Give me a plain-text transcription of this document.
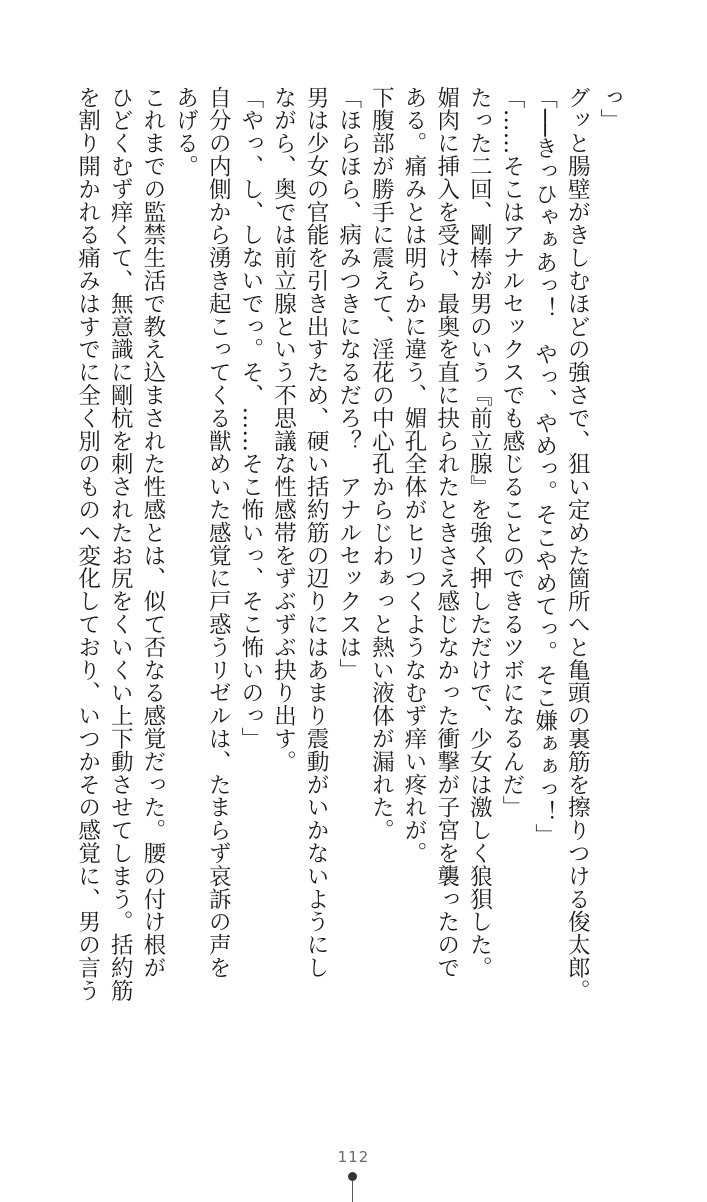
っ」
グッと腸壁がきしむほどの強さで、狙い定めた箇所へと亀頭の裏筋を擦りつける俊太郎。
「──きっひゃぁあっ！　やっ、やめっ。そこやめてっ。そこ嫌ぁぁっ！」
「……そこはアナルセックスでも感じることのできるツボになるんだ」
たった二回、剛棒が男のいう『前立腺』を強く押しただけで、少女は激しく狼狽した。
媚肉に挿入を受け、最奥を直に抉られたときさえ感じなかった衝撃が子宮を襲ったので
ある。痛みとは明らかに違う、媚孔全体がヒリつくようなむず痒い疼れが。
下腹部が勝手に震えて、淫花の中心孔からじわぁっと熱い液体が漏れた。
「ほらほら、病みつきになるだろ？　アナルセックスは」
男は少女の官能を引き出すため、硬い括約筋の辺りにはあまり震動がいかないようにし
ながら、奥では前立腺という不思議な性感帯をずぶずぶ抉り出す。
「やっ、し、しないでっ。そ、……そこ怖いっ、そこ怖いのっ」
自分の内側から湧き起こってくる獣めいた感覚に戸惑うリゼルは、たまらず哀訴の声を
あげる。
これまでの監禁生活で教え込まされた性感とは、似て否なる感覚だった。腰の付け根が
ひどくむず痒くて、無意識に剛杭を刺されたお尻をくいくい上下動させてしまう。括約筋
を割り開かれる痛みはすでに全く別のものへ変化しており、いつかその感覚に、男の言う
112
